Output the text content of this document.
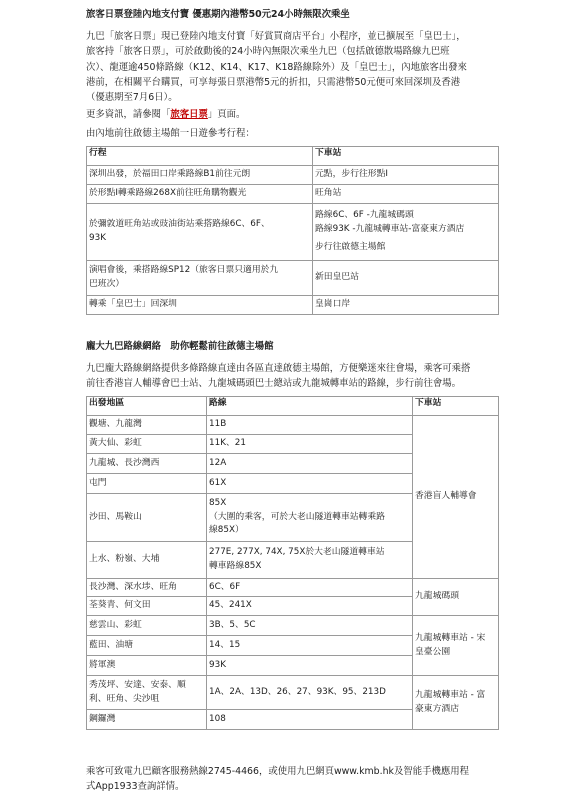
旅客日票登陸內地支付寶 優惠期內港幣50元24小時無限次乘坐
九巴「旅客日票」現已登陸內地支付寶「好賞買商店平台」小程序，並已擴展至「皇巴士」，
旅客持「旅客日票」，可於啟動後的24小時內無限次乘坐九巴（包括啟德散場路線九巴班
次）、龍運逾450條路線（K12、K14、K17、K18路線除外）及「皇巴士」，內地旅客出發來
港前，在相關平台購買，可享每張日票港幣5元的折扣，只需港幣50元便可來回深圳及香港
（優惠期至7月6日）。
更多資訊，請參閱「旅客日票」頁面。
由內地前往啟德主場館一日遊參考行程：
行程	下車站

深圳出發，於福田口岸乘路線B1前往元朗	元點，步行往形點I

於形點I轉乘路線268X前往旺角購物觀光	旺角站

於彌敦道旺角站或豉油街站乘搭路線6C、6F、
93K	路線6C、6F -九龍城碼頭
路線93K -九龍城轉車站-富豪東方酒店
步行往啟德主場館

演唱會後，乘搭路線SP12（旅客日票只適用於九
巴班次）	新田皇巴站

轉乘「皇巴士」回深圳	皇崗口岸
龐大九巴路線網絡　助你輕鬆前往啟德主場館
九巴龐大路線網絡提供多條路線直達由各區直達啟德主場館，方便樂迷來往會場，乘客可乘搭
前往香港盲人輔導會巴士站、九龍城碼頭巴士總站或九龍城轉車站的路線，步行前往會場。
出發地區	路線	下車站

觀塘、九龍灣	11B	香港盲人輔導會

黃大仙、彩虹	11K、21	

九龍城、長沙灣西	12A	

屯門	61X	

沙田、馬鞍山	85X
（大圍的乘客，可於大老山隧道轉車站轉乘路
線85X）	

上水、粉嶺、大埔	277E, 277X, 74X, 75X於大老山隧道轉車站
轉車路線85X	

長沙灣、深水埗、旺角	6C、6F	九龍城碼頭

荃葵青、何文田	45、241X	

慈雲山、彩虹	3B、5、5C	九龍城轉車站 - 宋
皇臺公園

藍田、油塘	14、15	

將軍澳	93K	

秀茂坪、安達、安泰、順
利、旺角、尖沙咀	1A、2A、13D、26、27、93K、95、213D	九龍城轉車站 - 富
豪東方酒店

鋼鑼灣	108	
乘客可致電九巴顧客服務熱線2745-4466，或使用九巴網頁www.kmb.hk及智能手機應用程
式App1933查詢詳情。
